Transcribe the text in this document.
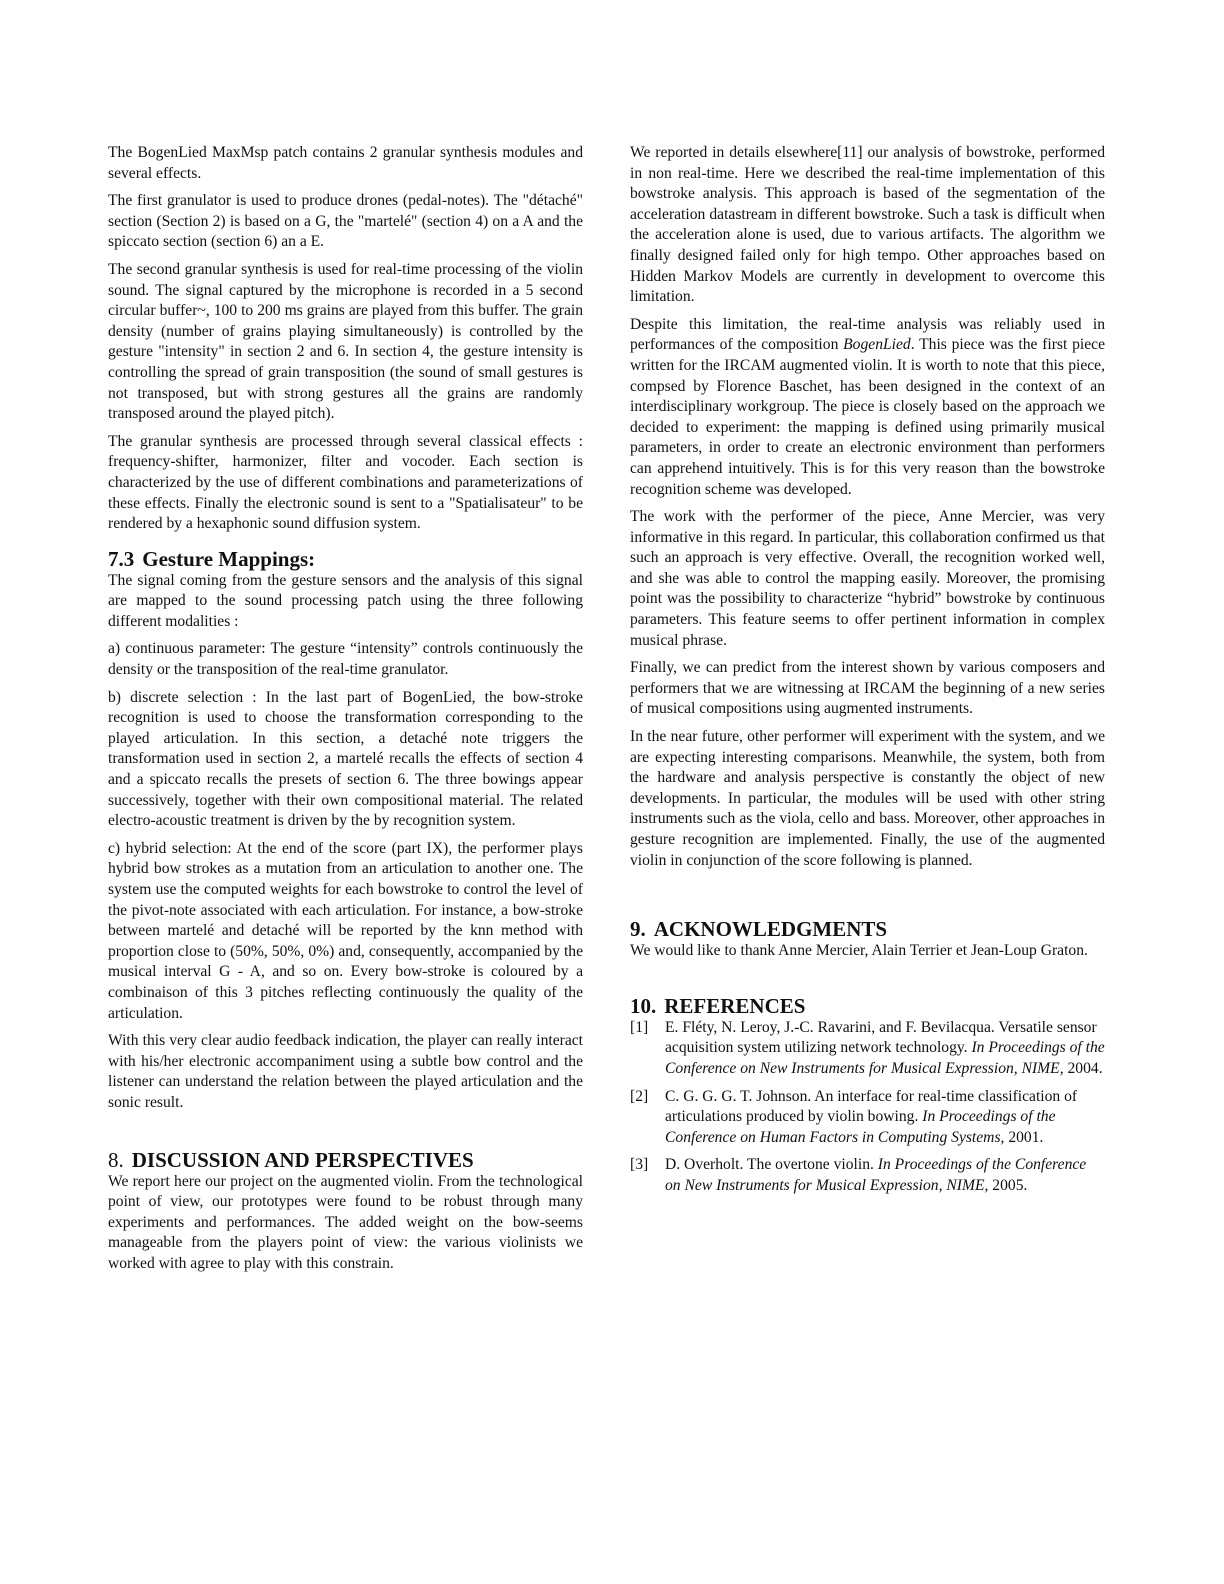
The BogenLied MaxMsp patch contains 2 granular synthesis modules and several effects.

The first granulator is used to produce drones (pedal-notes). The "détaché" section (Section 2) is based on a G, the "martelé" (section 4) on a A and the spiccato section (section 6) an a E.

The second granular synthesis is used for real-time processing of the violin sound. The signal captured by the microphone is recorded in a 5 second circular buffer~, 100 to 200 ms grains are played from this buffer. The grain density (number of grains playing simultaneously) is controlled by the gesture "intensity" in section 2 and 6. In section 4, the gesture intensity is controlling the spread of grain transposition (the sound of small gestures is not transposed, but with strong gestures all the grains are randomly transposed around the played pitch).

The granular synthesis are processed through several classical effects : frequency-shifter, harmonizer, filter and vocoder. Each section is characterized by the use of different combinations and parameterizations of these effects. Finally the electronic sound is sent to a "Spatialisateur" to be rendered by a hexaphonic sound diffusion system.

7.3 Gesture Mappings:

The signal coming from the gesture sensors and the analysis of this signal are mapped to the sound processing patch using the three following different modalities :

a) continuous parameter: The gesture “intensity” controls continuously the density or the transposition of the real-time granulator.

b) discrete selection : In the last part of BogenLied, the bow-stroke recognition is used to choose the transformation corresponding to the played articulation. In this section, a detaché note triggers the transformation used in section 2, a martelé recalls the effects of section 4 and a spiccato recalls the presets of section 6. The three bowings appear successively, together with their own compositional material. The related electro-acoustic treatment is driven by the by recognition system.

c) hybrid selection: At the end of the score (part IX), the performer plays hybrid bow strokes as a mutation from an articulation to another one. The system use the computed weights for each bowstroke to control the level of the pivot-note associated with each articulation. For instance, a bow-stroke between martelé and detaché will be reported by the knn method with proportion close to (50%, 50%, 0%) and, consequently, accompanied by the musical interval G - A, and so on. Every bow-stroke is coloured by a combinaison of this 3 pitches reflecting continuously the quality of the articulation.

With this very clear audio feedback indication, the player can really interact with his/her electronic accompaniment using a subtle bow control and the listener can understand the relation between the played articulation and the sonic result.

8. DISCUSSION AND PERSPECTIVES

We report here our project on the augmented violin. From the technological point of view, our prototypes were found to be robust through many experiments and performances. The added weight on the bow-seems manageable from the players point of view: the various violinists we worked with agree to play with this constrain.

We reported in details elsewhere[11] our analysis of bowstroke, performed in non real-time. Here we described the real-time implementation of this bowstroke analysis. This approach is based of the segmentation of the acceleration datastream in different bowstroke. Such a task is difficult when the acceleration alone is used, due to various artifacts. The algorithm we finally designed failed only for high tempo. Other approaches based on Hidden Markov Models are currently in development to overcome this limitation.

Despite this limitation, the real-time analysis was reliably used in performances of the composition BogenLied. This piece was the first piece written for the IRCAM augmented violin. It is worth to note that this piece, compsed by Florence Baschet, has been designed in the context of an interdisciplinary workgroup. The piece is closely based on the approach we decided to experiment: the mapping is defined using primarily musical parameters, in order to create an electronic environment than performers can apprehend intuitively. This is for this very reason than the bowstroke recognition scheme was developed.

The work with the performer of the piece, Anne Mercier, was very informative in this regard. In particular, this collaboration confirmed us that such an approach is very effective. Overall, the recognition worked well, and she was able to control the mapping easily. Moreover, the promising point was the possibility to characterize “hybrid” bowstroke by continuous parameters. This feature seems to offer pertinent information in complex musical phrase.

Finally, we can predict from the interest shown by various composers and performers that we are witnessing at IRCAM the beginning of a new series of musical compositions using augmented instruments.

In the near future, other performer will experiment with the system, and we are expecting interesting comparisons. Meanwhile, the system, both from the hardware and analysis perspective is constantly the object of new developments. In particular, the modules will be used with other string instruments such as the viola, cello and bass. Moreover, other approaches in gesture recognition are implemented. Finally, the use of the augmented violin in conjunction of the score following is planned.

9. ACKNOWLEDGMENTS

We would like to thank Anne Mercier, Alain Terrier et Jean-Loup Graton.

10. REFERENCES
[1]	E. Fléty, N. Leroy, J.-C. Ravarini, and F. Bevilacqua. Versatile sensor acquisition system utilizing network technology. In Proceedings of the Conference on New Instruments for Musical Expression, NIME, 2004.
[2]	C. G. G. G. T. Johnson. An interface for real-time classification of articulations produced by violin bowing. In Proceedings of the Conference on Human Factors in Computing Systems, 2001.
[3]	D. Overholt. The overtone violin. In Proceedings of the Conference on New Instruments for Musical Expression, NIME, 2005.
